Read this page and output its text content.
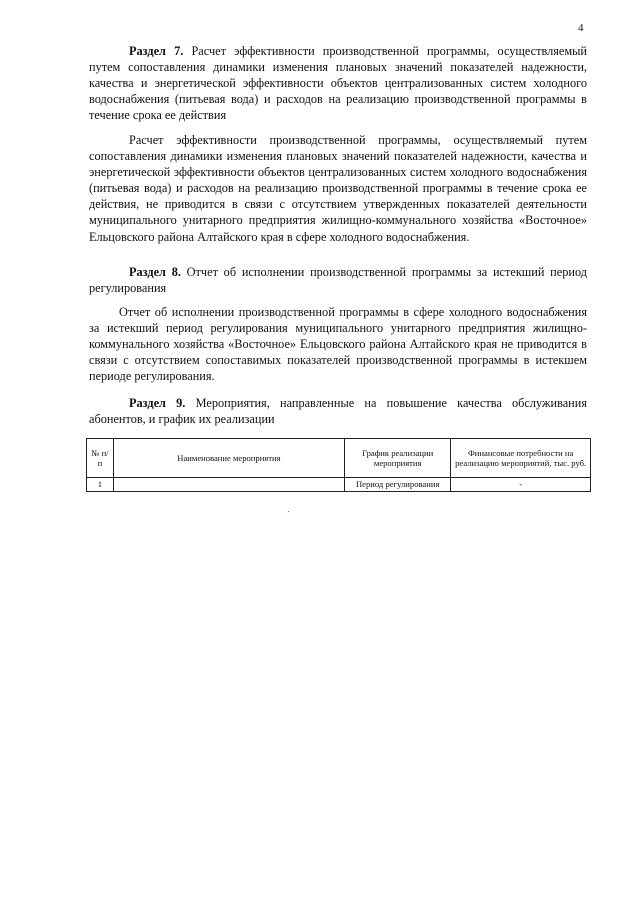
4

Раздел 7. Расчет эффективности производственной программы, осуществляемый путем сопоставления динамики изменения плановых значений показателей надежности, качества и энергетической эффективности объектов централизованных систем холодного водоснабжения (питьевая вода) и расходов на реализацию производственной программы в течение срока ее действия

Расчет эффективности производственной программы, осуществляемый путем сопоставления динамики изменения плановых значений показателей надежности, качества и энергетической эффективности объектов централизованных систем холодного водоснабжения (питьевая вода) и расходов на реализацию производственной программы в течение срока ее действия, не приводится в связи с отсутствием утвержденных показателей деятельности муниципального унитарного предприятия жилищно-коммунального хозяйства «Восточное» Ельцовского района Алтайского края в сфере холодного водоснабжения.

Раздел 8. Отчет об исполнении производственной программы за истекший период регулирования

Отчет об исполнении производственной программы в сфере холодного водоснабжения за истекший период регулирования муниципального унитарного предприятия жилищно-коммунального хозяйства «Восточное» Ельцовского района Алтайского края не приводится в связи с отсутствием сопоставимых показателей производственной программы в истекшем периоде регулирования.

Раздел 9. Мероприятия, направленные на повышение качества обслуживания абонентов, и график их реализации

№ п/п	Наименование мероприятия	График реализации мероприятия	Финансовые потребности на реализацию мероприятий, тыс. руб.
1		Период регулирования	-
